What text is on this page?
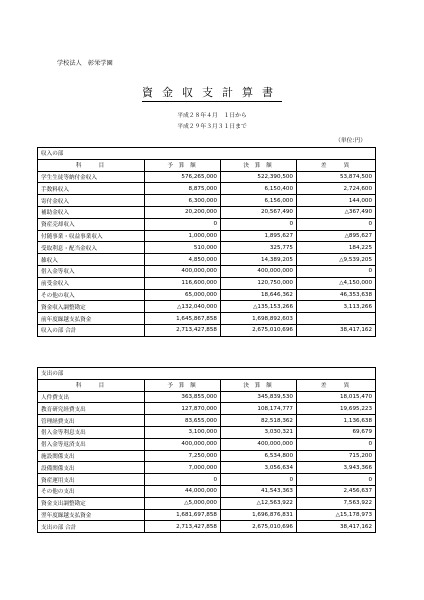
学校法人　彰栄学園
資金収支計算書
平成２８年４月　１日から
平成２９年３月３１日まで
（単位:円）
収入の部			
科　　目	予 算 額	決 算 額	差　　異
学生生徒等納付金収入	576,265,000	522,390,500	53,874,500
手数料収入	8,875,000	6,150,400	2,724,600
寄付金収入	6,300,000	6,156,000	144,000
補助金収入	20,200,000	20,567,490	△367,490
資産売却収入	0	0	0
付随事業・収益事業収入	1,000,000	1,895,627	△895,627
受取利息・配当金収入	510,000	325,775	184,225
雑収入	4,850,000	14,389,205	△9,539,205
借入金等収入	400,000,000	400,000,000	0
前受金収入	116,600,000	120,750,000	△4,150,000
その他の収入	65,000,000	18,646,362	46,353,638
資金収入調整勘定	△132,040,000	△135,153,266	3,113,266
前年度繰越支払資金	1,645,867,858	1,698,892,603	
収入の部 合計	2,713,427,858	2,675,010,696	38,417,162
支出の部			
科　　目	予 算 額	決 算 額	差　　異
人件費支出	363,855,000	345,839,530	18,015,470
教育研究経費支出	127,870,000	108,174,777	19,695,223
管理経費支出	83,655,000	82,518,362	1,136,638
借入金等利息支出	3,100,000	3,030,321	69,679
借入金等返済支出	400,000,000	400,000,000	0
施設関係支出	7,250,000	6,534,800	715,200
設備関係支出	7,000,000	3,056,634	3,943,366
資産運用支出	0	0	0
その他の支出	44,000,000	41,543,363	2,456,637
資金支出調整勘定	△5,000,000	△12,563,922	7,563,922
翌年度繰越支払資金	1,681,697,858	1,696,876,831	△15,178,973
支出の部 合計	2,713,427,858	2,675,010,696	38,417,162
